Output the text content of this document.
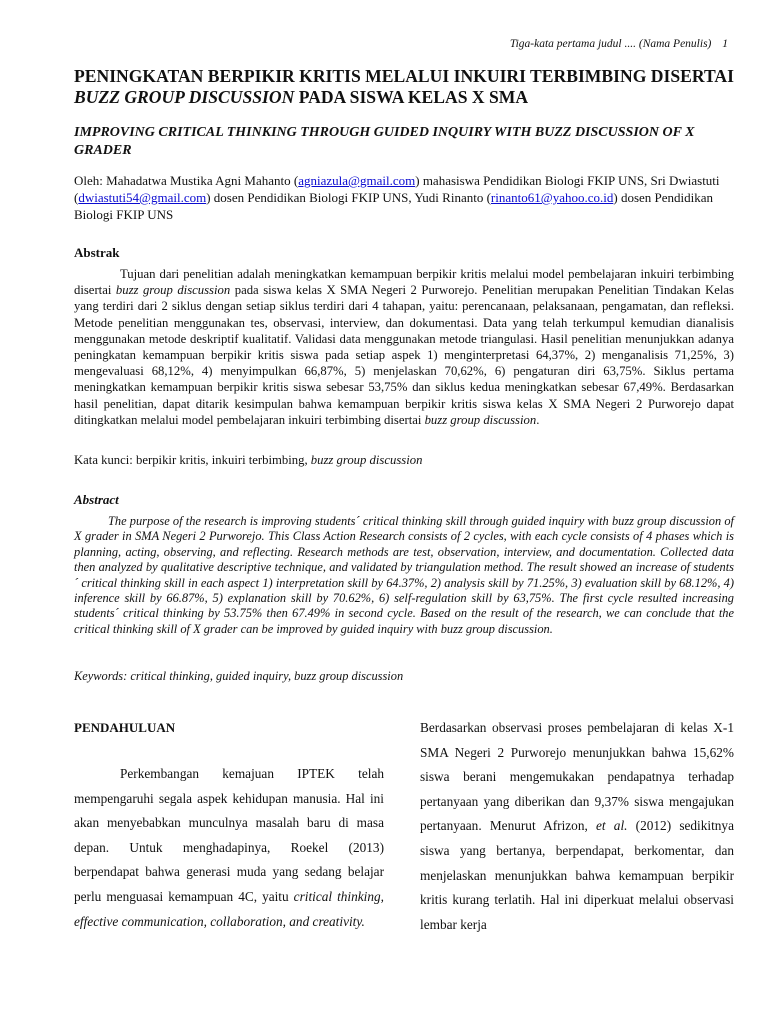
Tiga-kata pertama judul .... (Nama Penulis) 1
PENINGKATAN BERPIKIR KRITIS MELALUI INKUIRI TERBIMBING DISERTAI BUZZ GROUP DISCUSSION PADA SISWA KELAS X SMA
IMPROVING CRITICAL THINKING THROUGH GUIDED INQUIRY WITH BUZZ DISCUSSION OF X GRADER
Oleh: Mahadatwa Mustika Agni Mahanto (agniazula@gmail.com) mahasiswa Pendidikan Biologi FKIP UNS, Sri Dwiastuti (dwiastuti54@gmail.com) dosen Pendidikan Biologi FKIP UNS, Yudi Rinanto (rinanto61@yahoo.co.id) dosen Pendidikan Biologi FKIP UNS
Abstrak

Tujuan dari penelitian adalah meningkatkan kemampuan berpikir kritis melalui model pembelajaran inkuiri terbimbing disertai buzz group discussion pada siswa kelas X SMA Negeri 2 Purworejo. Penelitian merupakan Penelitian Tindakan Kelas yang terdiri dari 2 siklus dengan setiap siklus terdiri dari 4 tahapan, yaitu: perencanaan, pelaksanaan, pengamatan, dan refleksi. Metode penelitian menggunakan tes, observasi, interview, dan dokumentasi. Data yang telah terkumpul kemudian dianalisis menggunakan metode deskriptif kualitatif. Validasi data menggunakan metode triangulasi. Hasil penelitian menunjukkan adanya peningkatan kemampuan berpikir kritis siswa pada setiap aspek 1) menginterpretasi 64,37%, 2) menganalisis 71,25%, 3) mengevaluasi 68,12%, 4) menyimpulkan 66,87%, 5) menjelaskan 70,62%, 6) pengaturan diri 63,75%. Siklus pertama meningkatkan kemampuan berpikir kritis siswa sebesar 53,75% dan siklus kedua meningkatkan sebesar 67,49%. Berdasarkan hasil penelitian, dapat ditarik kesimpulan bahwa kemampuan berpikir kritis siswa kelas X SMA Negeri 2 Purworejo dapat ditingkatkan melalui model pembelajaran inkuiri terbimbing disertai buzz group discussion.

Kata kunci: berpikir kritis, inkuiri terbimbing, buzz group discussion
Abstract

The purpose of the research is improving students´ critical thinking skill through guided inquiry with buzz group discussion of X grader in SMA Negeri 2 Purworejo. This Class Action Research consists of 2 cycles, with each cycle consists of 4 phases which is planning, acting, observing, and reflecting. Research methods are test, observation, interview, and documentation. Collected data then analyzed by qualitative descriptive technique, and validated by triangulation method. The result showed an increase of students´ critical thinking skill in each aspect 1) interpretation skill by 64.37%, 2) analysis skill by 71.25%, 3) evaluation skill by 68.12%, 4) inference skill by 66.87%, 5) explanation skill by 70.62%, 6) self-regulation skill by 63,75%. The first cycle resulted increasing students´ critical thinking by 53.75% then 67.49% in second cycle. Based on the result of the research, we can conclude that the critical thinking skill of X grader can be improved by guided inquiry with buzz group discussion.

Keywords: critical thinking, guided inquiry, buzz group discussion
PENDAHULUAN

Perkembangan kemajuan IPTEK telah mempengaruhi segala aspek kehidupan manusia. Hal ini akan menyebabkan munculnya masalah baru di masa depan. Untuk menghadapinya, Roekel (2013) berpendapat bahwa generasi muda yang sedang belajar perlu menguasai kemampuan 4C, yaitu critical thinking, effective communication, collaboration, and creativity.

Berdasarkan observasi proses pembelajaran di kelas X-1 SMA Negeri 2 Purworejo menunjukkan bahwa 15,62% siswa berani mengemukakan pendapatnya terhadap pertanyaan yang diberikan dan 9,37% siswa mengajukan pertanyaan. Menurut Afrizon, et al. (2012) sedikitnya siswa yang bertanya, berpendapat, berkomentar, dan menjelaskan menunjukkan bahwa kemampuan berpikir kritis kurang terlatih. Hal ini diperkuat melalui observasi lembar kerja
